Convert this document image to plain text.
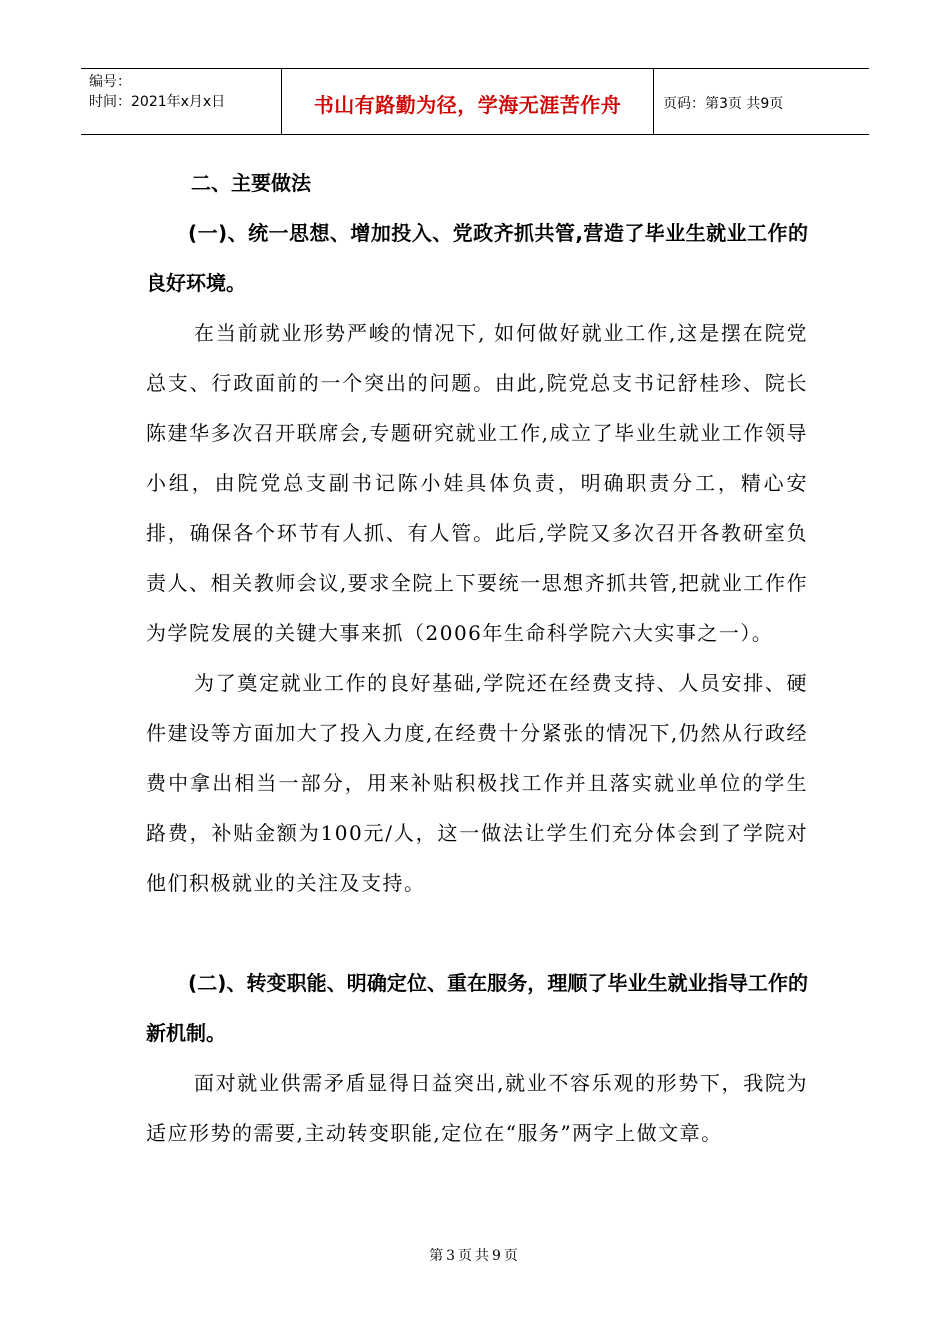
编号：
时间：2021年x月x日	书山有路勤为径，学海无涯苦作舟	页码：第3页 共9页
二、主要做法
(一)、统一思想、增加投入、党政齐抓共管,营造了毕业生就业工作的良好环境。

在当前就业形势严峻的情况下, 如何做好就业工作,这是摆在院党总支、行政面前的一个突出的问题。由此,院党总支书记舒桂珍、院长陈建华多次召开联席会,专题研究就业工作,成立了毕业生就业工作领导小组，由院党总支副书记陈小娃具体负责，明确职责分工，精心安排，确保各个环节有人抓、有人管。此后,学院又多次召开各教研室负责人、相关教师会议,要求全院上下要统一思想齐抓共管,把就业工作作为学院发展的关键大事来抓（2006年生命科学院六大实事之一）。

为了奠定就业工作的良好基础,学院还在经费支持、人员安排、硬件建设等方面加大了投入力度,在经费十分紧张的情况下,仍然从行政经费中拿出相当一部分，用来补贴积极找工作并且落实就业单位的学生路费，补贴金额为100元/人，这一做法让学生们充分体会到了学院对他们积极就业的关注及支持。

(二)、转变职能、明确定位、重在服务，理顺了毕业生就业指导工作的新机制。

面对就业供需矛盾显得日益突出,就业不容乐观的形势下，我院为适应形势的需要,主动转变职能,定位在“服务”两字上做文章。

第3页共9页
